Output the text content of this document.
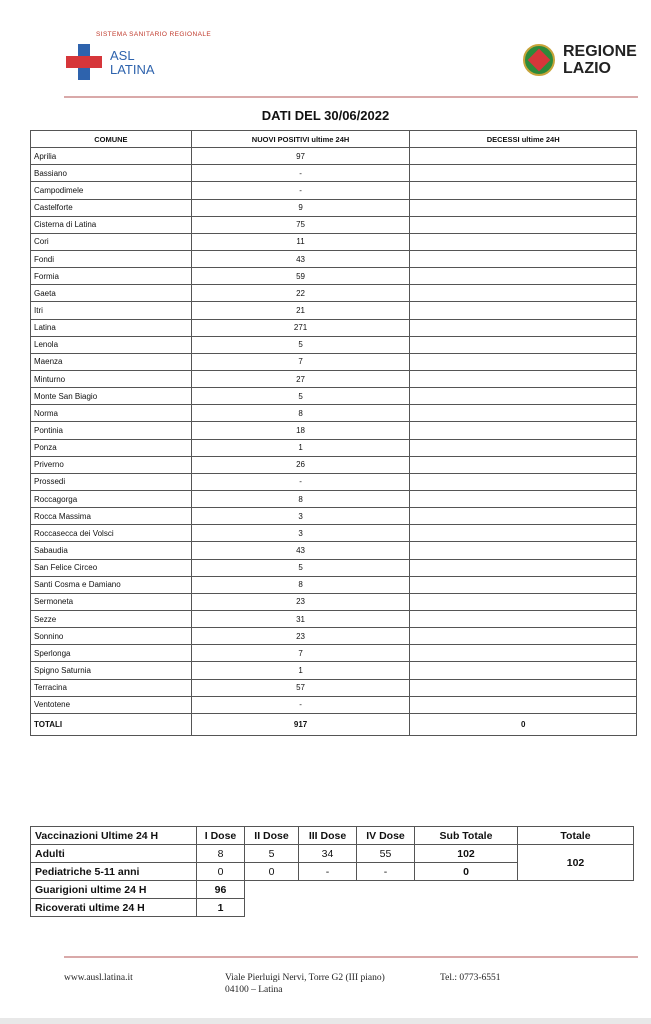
SISTEMA SANITARIO REGIONALE
ASL
LATINA
REGIONE
LAZIO
DATI DEL 30/06/2022
COMUNE	NUOVI POSITIVI ultime 24H	DECESSI ultime 24H
Aprilia	97	
Bassiano	-	
Campodimele	-	
Castelforte	9	
Cisterna di Latina	75	
Cori	11	
Fondi	43	
Formia	59	
Gaeta	22	
Itri	21	
Latina	271	
Lenola	5	
Maenza	7	
Minturno	27	
Monte San Biagio	5	
Norma	8	
Pontinia	18	
Ponza	1	
Priverno	26	
Prossedi	-	
Roccagorga	8	
Rocca Massima	3	
Roccasecca dei Volsci	3	
Sabaudia	43	
San Felice Circeo	5	
Santi Cosma e Damiano	8	
Sermoneta	23	
Sezze	31	
Sonnino	23	
Sperlonga	7	
Spigno Saturnia	1	
Terracina	57	
Ventotene	-	
TOTALI	917	0
Vaccinazioni Ultime 24 H	I Dose	II Dose	III Dose	IV Dose	Sub Totale	Totale
Adulti	8	5	34	55	102	102
Pediatriche 5-11 anni	0	0	-	-	0	
Guarigioni ultime 24 H	96					
Ricoverati ultime 24 H	1					
www.ausl.latina.it	Viale Pierluigi Nervi, Torre G2 (III piano)
04100 – Latina
Tel.: 0773-6551
